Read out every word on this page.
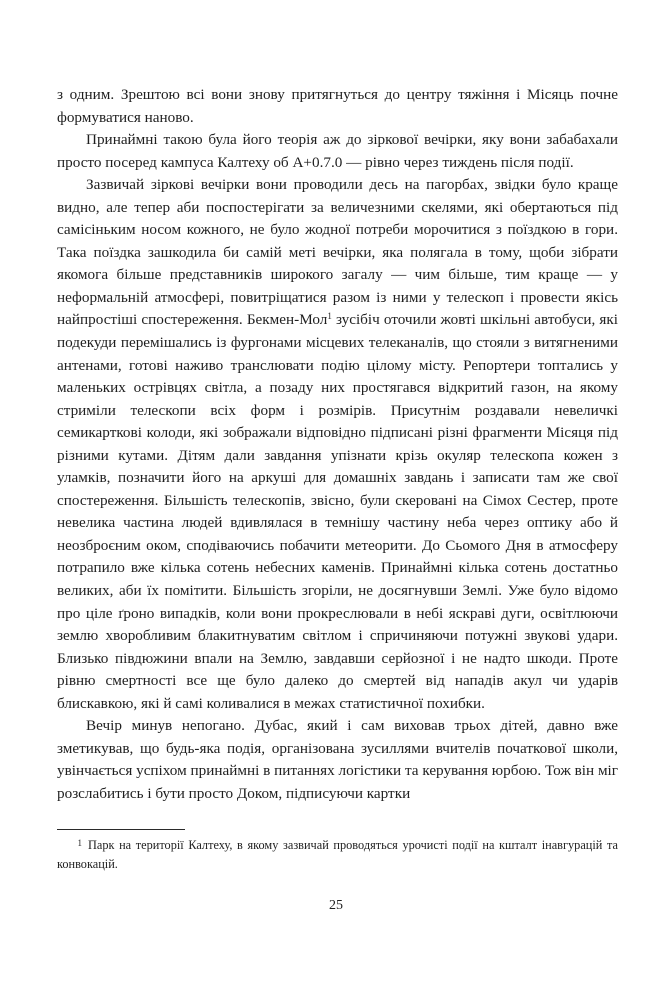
з одним. Зрештою всі вони знову притягнуться до центру тяжіння і Місяць почне формуватися наново.

Принаймні такою була його теорія аж до зіркової вечірки, яку вони забабахали просто посеред кампуса Калтеху об А+0.7.0 — рівно через тиждень після події.

Зазвичай зіркові вечірки вони проводили десь на пагорбах, звідки було краще видно, але тепер аби поспостерігати за величезними скелями, які обертаються під самісіньким носом кожного, не було жодної потреби морочитися з поїздкою в гори. Така поїздка зашкодила би самій меті вечірки, яка полягала в тому, щоби зібрати якомога більше представників широкого загалу — чим більше, тим краще — у неформальній атмосфері, повитріщатися разом із ними у телескоп і провести якісь найпростіші спостереження. Бекмен-Мол$^1$ зусібіч оточили жовті шкільні автобуси, які подекуди перемішались із фургонами місцевих телеканалів, що стояли з витягненими антенами, готові наживо транслювати подію цілому місту. Репортери топтались у маленьких острівцях світла, а позаду них простягався відкритий газон, на якому стриміли телескопи всіх форм і розмірів. Присутнім роздавали невеличкі семикарткові колоди, які зображали відповідно підписані різні фрагменти Місяця під різними кутами. Дітям дали завдання упізнати крізь окуляр телескопа кожен з уламків, позначити його на аркуші для домашніх завдань і записати там же свої спостереження. Більшість телескопів, звісно, були скеровані на Сімох Сестер, проте невелика частина людей вдивлялася в темнішу частину неба через оптику або й неозброєним оком, сподіваючись побачити метеорити. До Сьомого Дня в атмосферу потрапило вже кілька сотень небесних каменів. Принаймні кілька сотень достатньо великих, аби їх помітити. Більшість згоріли, не досягнувши Землі. Уже було відомо про ціле ґроно випадків, коли вони прокреслювали в небі яскраві дуги, освітлюючи землю хворобливим блакитнуватим світлом і спричиняючи потужні звукові удари. Близько півдюжини впали на Землю, завдавши серйозної і не надто шкоди. Проте рівню смертності все ще було далеко до смертей від нападів акул чи ударів блискавкою, які й самі коливалися в межах статистичної похибки.

Вечір минув непогано. Дубас, який і сам виховав трьох дітей, давно вже зметикував, що будь-яка подія, організована зусиллями вчителів початкової школи, увінчається успіхом принаймні в питаннях логістики та керування юрбою. Тож він міг розслабитись і бути просто Доком, підписуючи картки

1 Парк на території Калтеху, в якому зазвичай проводяться урочисті події на кшталт інавгурацій та конвокацій.
25
